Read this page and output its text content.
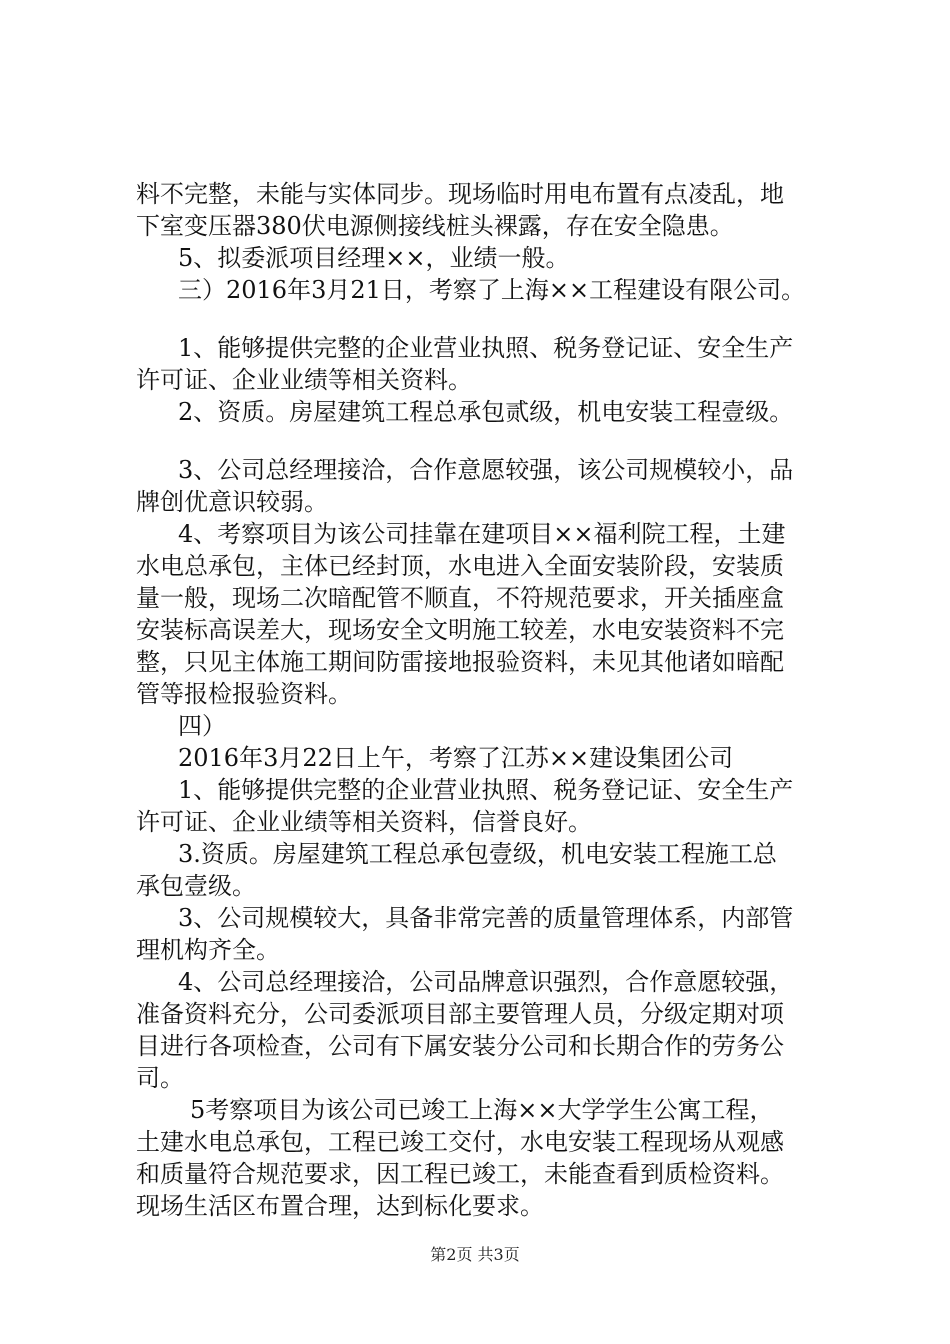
料不完整，未能与实体同步。现场临时用电布置有点凌乱，地
下室变压器380伏电源侧接线桩头裸露，存在安全隐患。
5、拟委派项目经理××，业绩一般。
三）2016年3月21日，考察了上海××工程建设有限公司。
1、能够提供完整的企业营业执照、税务登记证、安全生产
许可证、企业业绩等相关资料。
2、资质。房屋建筑工程总承包贰级，机电安装工程壹级。
3、公司总经理接洽，合作意愿较强，该公司规模较小，品
牌创优意识较弱。
4、考察项目为该公司挂靠在建项目××福利院工程，土建
水电总承包，主体已经封顶，水电进入全面安装阶段，安装质
量一般，现场二次暗配管不顺直，不符规范要求，开关插座盒
安装标高误差大，现场安全文明施工较差，水电安装资料不完
整，只见主体施工期间防雷接地报验资料，未见其他诸如暗配
管等报检报验资料。
四）
2016年3月22日上午，考察了江苏××建设集团公司
1、能够提供完整的企业营业执照、税务登记证、安全生产
许可证、企业业绩等相关资料，信誉良好。
3.资质。房屋建筑工程总承包壹级，机电安装工程施工总
承包壹级。
3、公司规模较大，具备非常完善的质量管理体系，内部管
理机构齐全。
4、公司总经理接洽，公司品牌意识强烈，合作意愿较强，
准备资料充分，公司委派项目部主要管理人员，分级定期对项
目进行各项检查，公司有下属安装分公司和长期合作的劳务公
司。
5考察项目为该公司已竣工上海××大学学生公寓工程，
土建水电总承包，工程已竣工交付，水电安装工程现场从观感
和质量符合规范要求，因工程已竣工，未能查看到质检资料。
现场生活区布置合理，达到标化要求。
第2页 共3页
